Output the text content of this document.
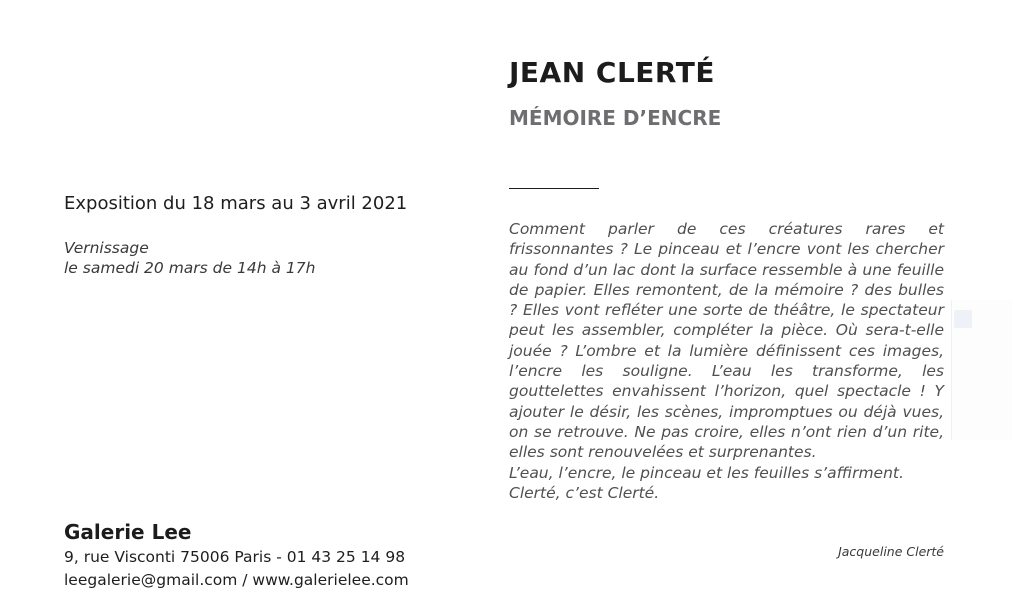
JEAN CLERTÉ
MÉMOIRE D’ENCRE
Exposition du 18 mars au 3 avril 2021
Vernissage
le samedi 20 mars de 14h à 17h

Comment parler de ces créatures rares et frissonnantes ? Le pinceau et l’encre vont les chercher au fond d’un lac dont la surface ressemble à une feuille de papier. Elles remontent, de la mémoire ? des bulles ? Elles vont refléter une sorte de théâtre, le spectateur peut les assembler, compléter la pièce. Où sera-t-elle jouée ? L’ombre et la lumière définissent ces images, l’encre les souligne. L’eau les transforme, les gouttelettes envahissent l’horizon, quel spectacle ! Y ajouter le désir, les scènes, impromptues ou déjà vues, on se retrouve. Ne pas croire, elles n’ont rien d’un rite, elles sont renouvelées et surprenantes.

L’eau, l’encre, le pinceau et les feuilles s’affirment.

Clerté, c’est Clerté.

Jacqueline Clerté
Galerie Lee
9, rue Visconti 75006 Paris - 01 43 25 14 98
leegalerie@gmail.com / www.galerielee.com
